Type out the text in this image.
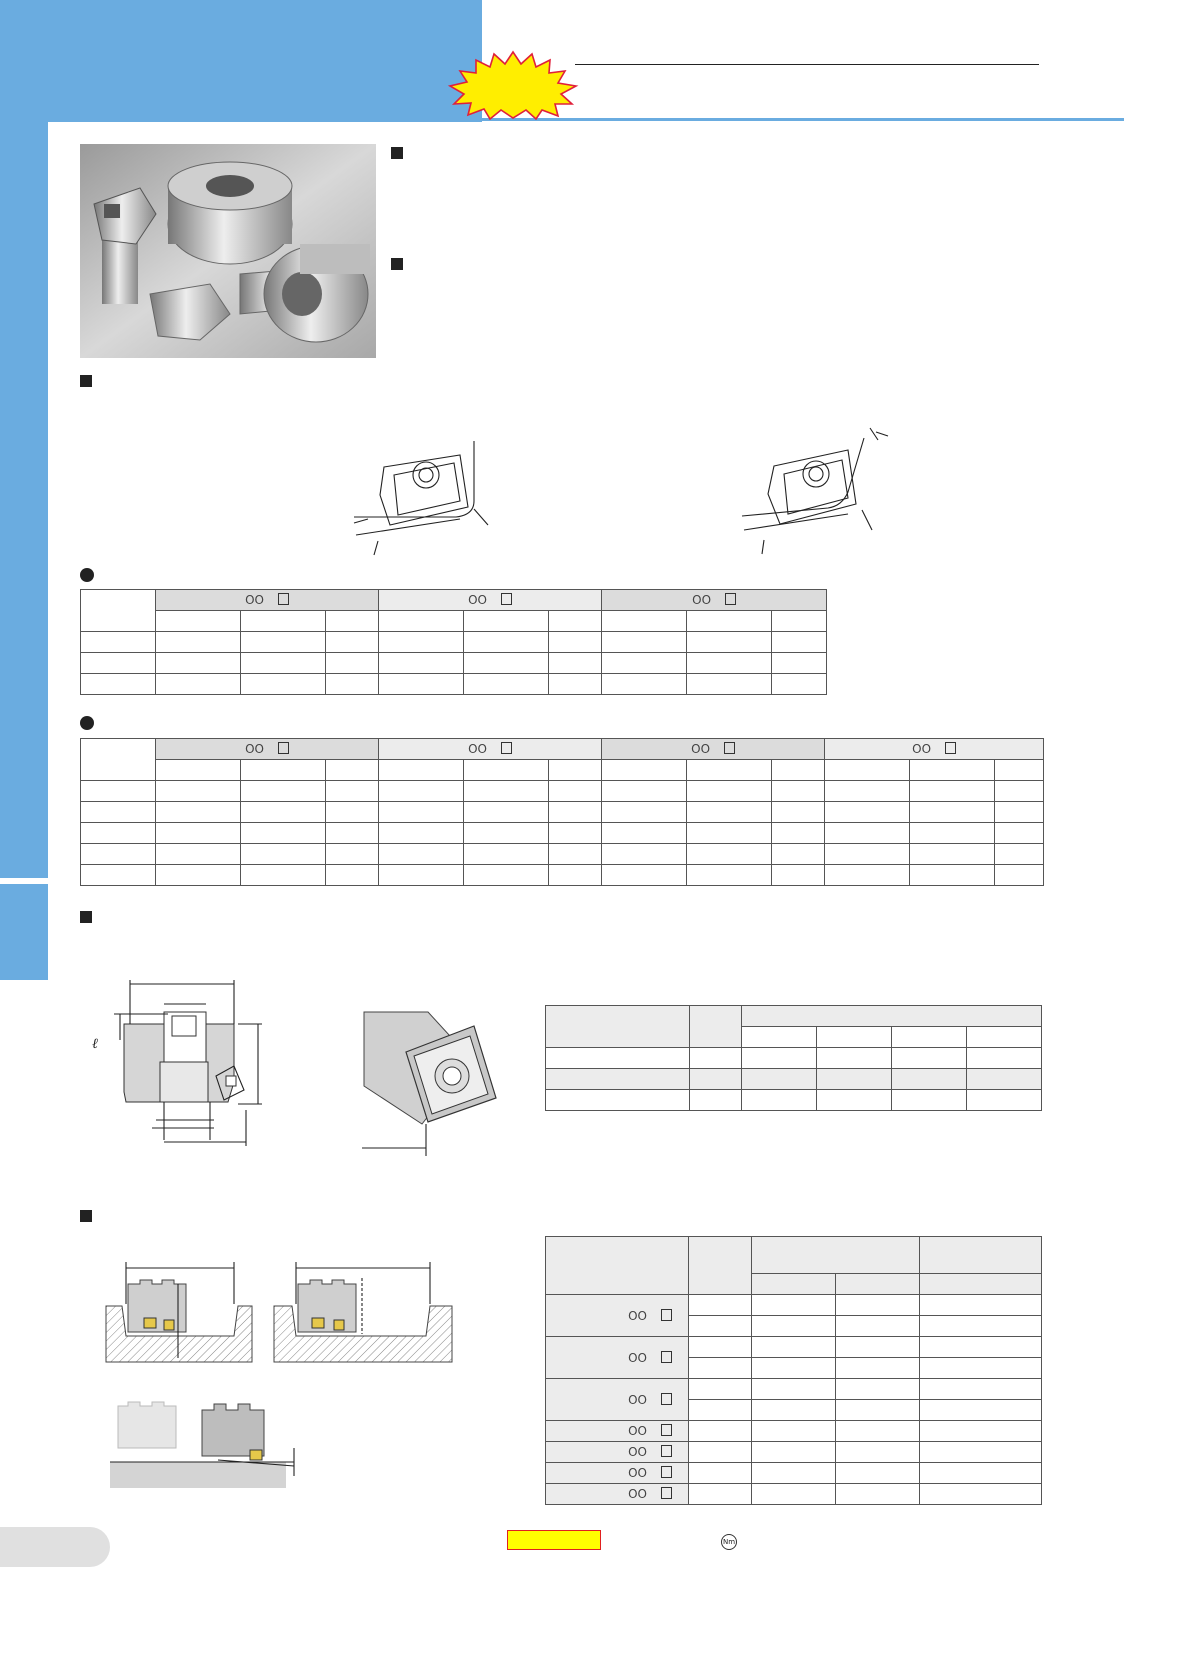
	OO			OO			OO		

	OO			OO			OO			OO		

ℓ

OO				

OO				

OO				

OO				
OO				
OO				
OO				
Nm
